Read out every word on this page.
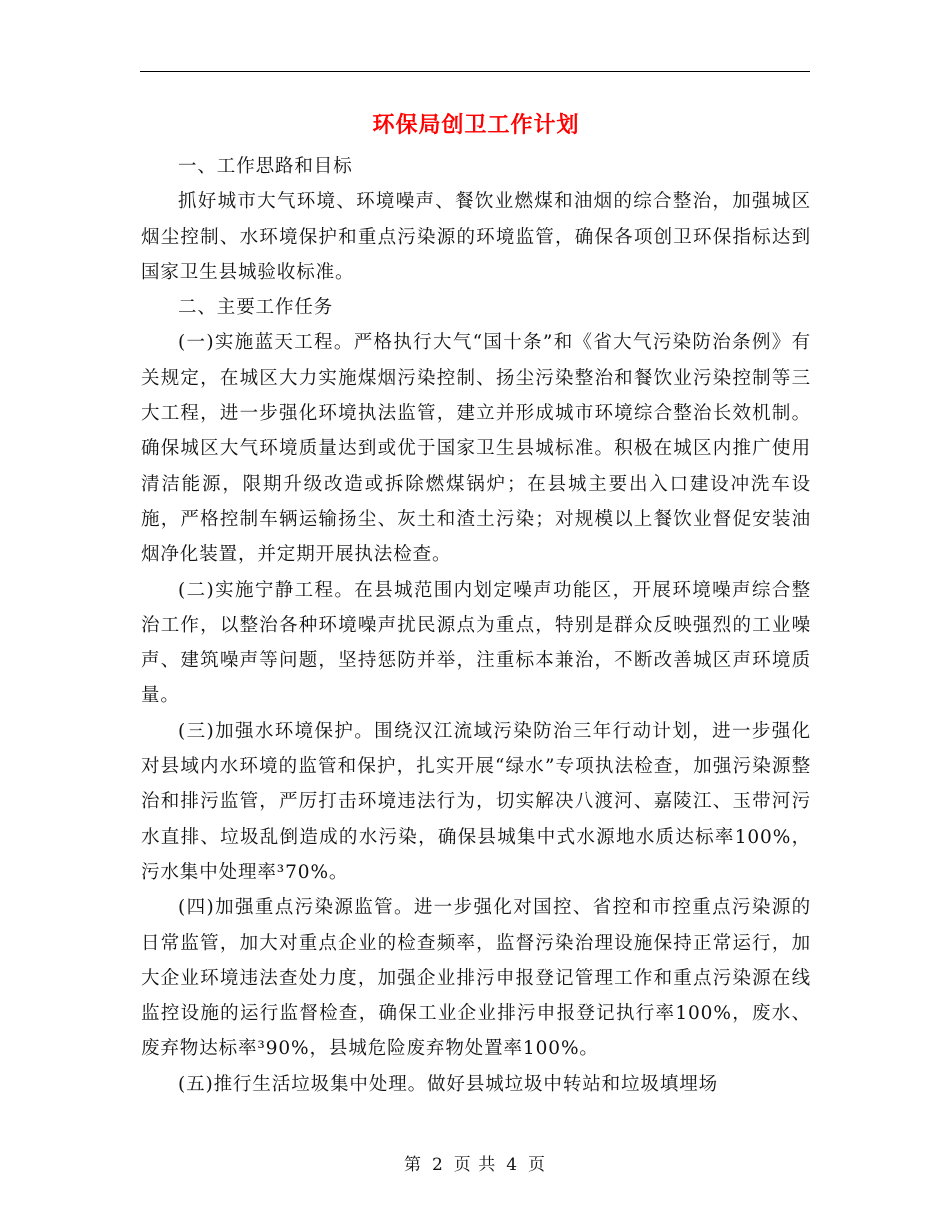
环保局创卫工作计划

一、工作思路和目标

抓好城市大气环境、环境噪声、餐饮业燃煤和油烟的综合整治，加强城区烟尘控制、水环境保护和重点污染源的环境监管，确保各项创卫环保指标达到国家卫生县城验收标准。

二、主要工作任务

(一)实施蓝天工程。严格执行大气“国十条”和《省大气污染防治条例》有关规定，在城区大力实施煤烟污染控制、扬尘污染整治和餐饮业污染控制等三大工程，进一步强化环境执法监管，建立并形成城市环境综合整治长效机制。确保城区大气环境质量达到或优于国家卫生县城标准。积极在城区内推广使用清洁能源，限期升级改造或拆除燃煤锅炉；在县城主要出入口建设冲洗车设施，严格控制车辆运输扬尘、灰土和渣土污染；对规模以上餐饮业督促安装油烟净化装置，并定期开展执法检查。

(二)实施宁静工程。在县城范围内划定噪声功能区，开展环境噪声综合整治工作，以整治各种环境噪声扰民源点为重点，特别是群众反映强烈的工业噪声、建筑噪声等问题，坚持惩防并举，注重标本兼治，不断改善城区声环境质量。

(三)加强水环境保护。围绕汉江流域污染防治三年行动计划，进一步强化对县域内水环境的监管和保护，扎实开展“绿水”专项执法检查，加强污染源整治和排污监管，严厉打击环境违法行为，切实解决八渡河、嘉陵江、玉带河污水直排、垃圾乱倒造成的水污染，确保县城集中式水源地水质达标率100%，污水集中处理率³70%。

(四)加强重点污染源监管。进一步强化对国控、省控和市控重点污染源的日常监管，加大对重点企业的检查频率，监督污染治理设施保持正常运行，加大企业环境违法查处力度，加强企业排污申报登记管理工作和重点污染源在线监控设施的运行监督检查，确保工业企业排污申报登记执行率100%，废水、废弃物达标率³90%，县城危险废弃物处置率100%。

(五)推行生活垃圾集中处理。做好县城垃圾中转站和垃圾填埋场

第 2 页 共 4 页
